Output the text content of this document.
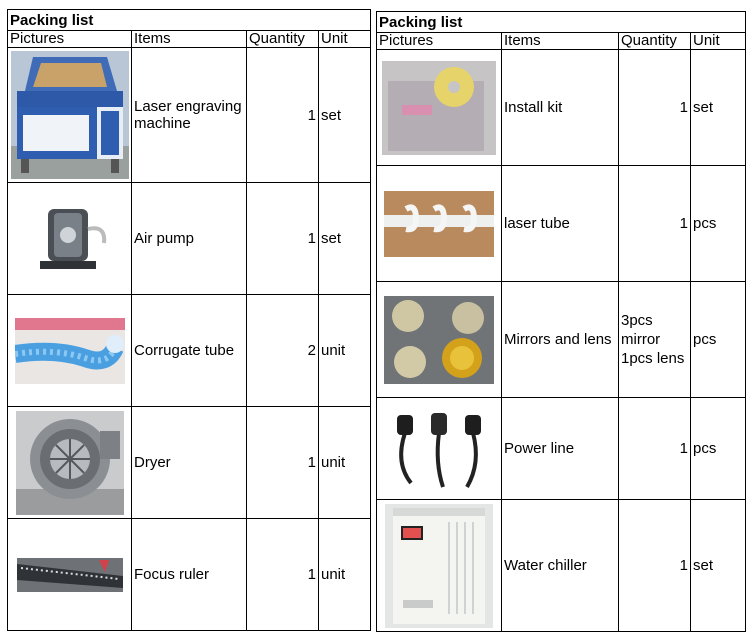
Packing list			
Pictures	Items	Quantity	Unit
	Laser engraving machine	1	set
	Air pump	1	set
	Corrugate tube	2	unit
	Dryer	1	unit
	Focus ruler	1	unit
Packing list			
Pictures	Items	Quantity	Unit
	Install kit	1	set
	laser tube	1	pcs
	Mirrors and lens	3pcs mirror 1pcs lens	pcs
	Power line	1	pcs
	Water chiller	1	set
